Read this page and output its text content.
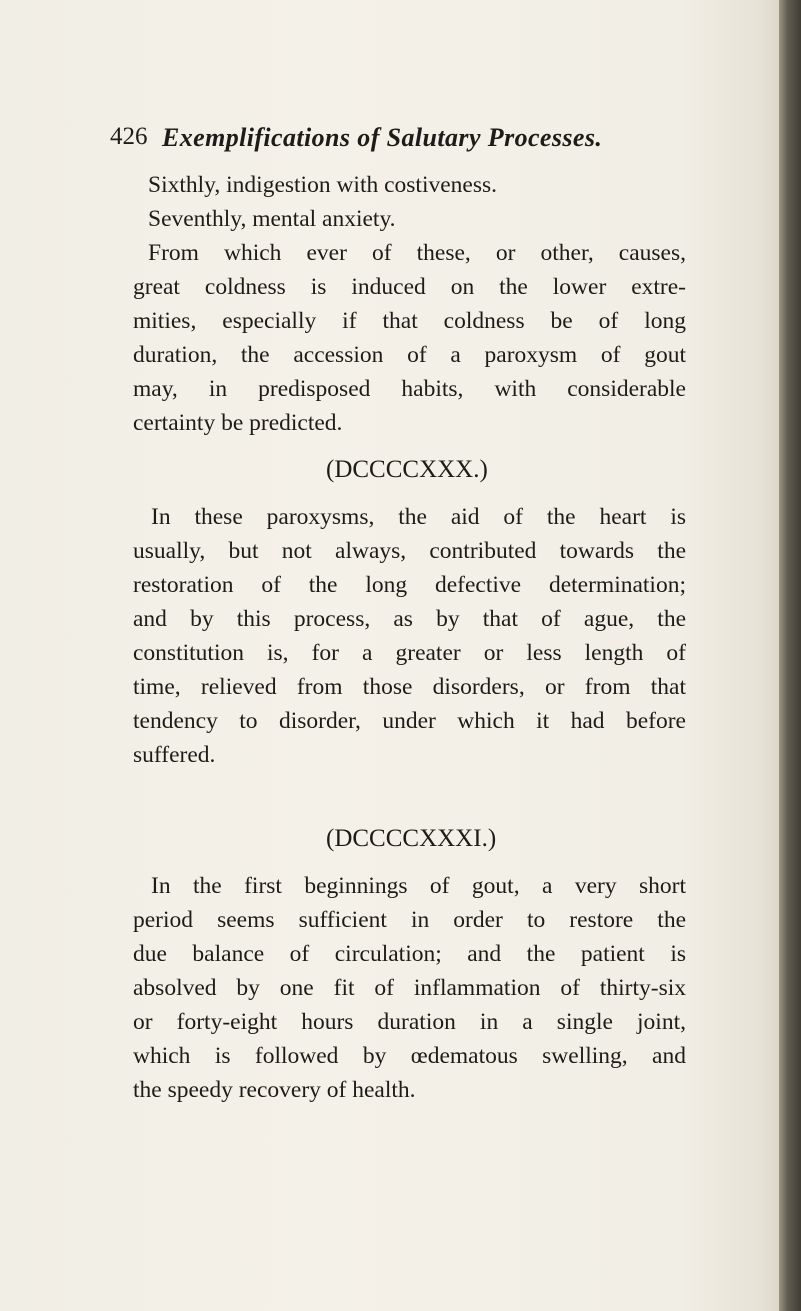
426 Exemplifications of Salutary Processes.
Sixthly, indigestion with costiveness.
Seventhly, mental anxiety.
From which ever of these, or other, causes,
great coldness is induced on the lower extre-
mities, especially if that coldness be of long
duration, the accession of a paroxysm of gout
may, in predisposed habits, with considerable
certainty be predicted.
(DCCCCXXX.)
In these paroxysms, the aid of the heart is
usually, but not always, contributed towards the
restoration of the long defective determination;
and by this process, as by that of ague, the
constitution is, for a greater or less length of
time, relieved from those disorders, or from that
tendency to disorder, under which it had before
suffered.
(DCCCCXXXI.)
In the first beginnings of gout, a very short
period seems sufficient in order to restore the
due balance of circulation; and the patient is
absolved by one fit of inflammation of thirty-six
or forty-eight hours duration in a single joint,
which is followed by œdematous swelling, and
the speedy recovery of health.
